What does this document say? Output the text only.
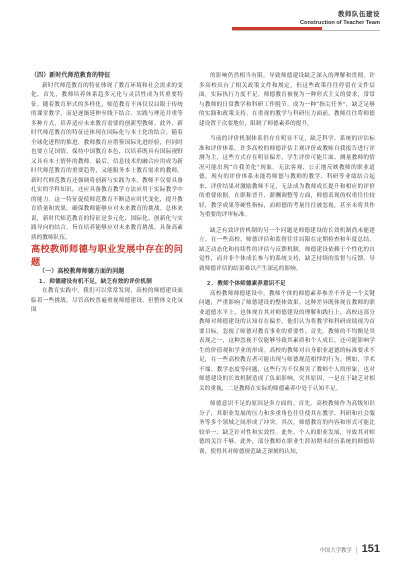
教师队伍建设
Construction of Teacher Team

（四）新时代师范教育的特征

新时代师范教育的特征体现了教育环境和社会需求的变化。首先，教师培养体系趋多元化与灵活性成为其重要特征。随着教育形式的多样化，师范教育不再仅仅局限于传统的课堂教学，而是逐渐延伸至线下结合、实践与理论并重等多种方式，培养适应未来教育需要的创新型教师。此外，新时代师范教育的特征还体现在国际化与本土化的结合。随着全球化进程的推进，教师教育应借鉴国际先进经验，但同时也要立足国情，保持中国教育本色，以培养既具有国际视野又具有本土情怀的教师。最后，信息技术的融合应用成为新时代师范教育的重要趋势，又能服务本土教育需求的教师。新时代师范教育还强调将创新与实践为本，教师不仅要具备扎实的学科知识，还应具备教育教学方法应用于实际教学中的能力。这一特征促使师范教育不断适应时代变化，提升教育质量和效果，确保教师能够应对未来教育的挑战。总体来说，新时代师范教育的特征是多元化、国际化、创新化与实践导向的结合，旨在培养能够应对未来教育挑战、具备高素质的教师队伍。

高校教师师德与职业发展中存在的问题

（一）高校教师师德方面的问题

1. 师德建设有机不足，缺乏有效的评价机制

在教育实践中，我们可以常常发现，高校的师德建设面临着一些挑战。尽管高校普遍重视师德建设，但整体文化氛围

的影响仍然相当有限，导致师德建设缺乏深入的理解和贯彻。许多高校出台了相关政策文件和规定，但这些政策往往停留在文件层面，实际执行力度不足。师德教育被视为一种形式主义的要求，常常与教师的日常教学和科研工作脱节。成为一种“指尖任务”，缺乏足够的实践和政策支持。在重视的教学与科研压力面前，教师往往将师德建设置于次要地位，限制了师德素养的提升。

当前的评价机制体系仍存在明显不足，缺乏科学、系统的评估标准和评价体系。许多高校的师德评估主观评价或教师自我报告进行评测为主，这些方式存在明显偏差，学生评价可能片面、测量教师的情况可能出现“自我美化”现象。无法客观、公正地反映教师的职业道德。现有的评价体系未能将师德与教师的教学、科研等业绩结合起来，评价结果对激励教师不足，无法成为教师成长提升和相应的评价的重要依据。在职称晋升、薪酬调整等方面，师德表现的权重往往较轻，教学成果等硬性指标，而师德的考量往往被忽视，甚至未将其作为重要的评审标准。

缺乏有效评价机制的另一个问题是师德建设的长效机制尚未能建立。在一些高校，师德评估和监督往往局限在定期检查和年度总结，缺乏动态化和持续性的评估与反馈机制，师德建设依赖于个性化的自觉性，而并非个体成长参与的系统支持，缺乏持续的监督与反馈。导致师德评估的结果难以产生深远的影响。

2. 教师个体师德素养意识不足

高校教师师德建设中，教师个体的师德素养参差不齐是一个关键问题，严重影响了师德建设的整体效果。这种差异既体现在教师的职业道德水平上，也体现在其对师德建设的理解和践行上。高校这部分教师对师德建设的认知存在偏差，他们认为将教学和科研成绩视为首要目标，忽视了师德对教育事业的重要性。首先，教师的不均衡是其表现之一，这种忽视不仅能够导致其素质和个人成长，还可能影响学生的价值观和学业的形成。高校的教师对自身职业道德的标准要求不足，在一些高校教育者可能出现与师德规范相悖的行为。例如，学术不端、教学态度等问题，这些行为不仅损害了教师个人的形象，也对师德建设的长效机制造成了负面影响，究其原因，一是在于缺乏对相关的重视，二是教师在实际的师德素养中处于认知不足。

师德意识不足的原因是多方面的。首先，高校教师作为高级知识分子，其职业发展的压力和多重角色往往使其在教学、科研和社会服务等多个领域之间形成了冲突。其次，师德教育的内容和形式可能比较单一，缺乏针对性和实效性。此外，个人的职业发展，导致其对师德的关注不够。此外，部分教师在职业生涯初期未经历系统的师德培训，使得其对师德规范缺乏深刻的认知，

中国大学教学 | 151
